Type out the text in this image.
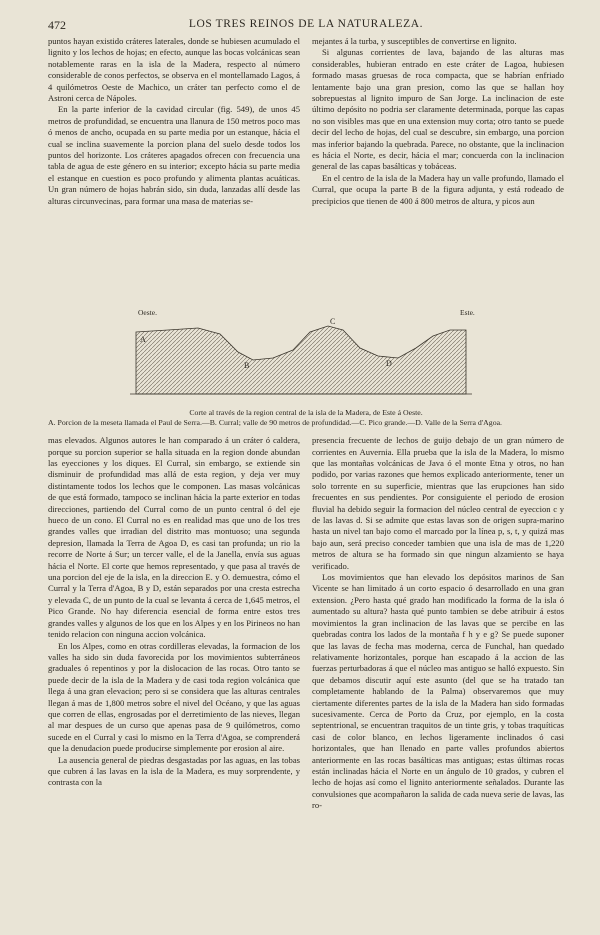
472	LOS TRES REINOS DE LA NATURALEZA.

puntos hayan existido cráteres laterales, donde se hubiesen acumulado el lignito y los lechos de hojas; en efecto, aunque las bocas volcánicas sean notablemente raras en la isla de la Madera, respecto al número considerable de conos perfectos, se observa en el montellamado Lagos, á 4 quilómetros Oeste de Machico, un cráter tan perfecto como el de Astroni cerca de Nápoles.

En la parte inferior de la cavidad circular (fig. 549), de unos 45 metros de profundidad, se encuentra una llanura de 150 metros poco mas ó menos de ancho, ocupada en su parte media por un estanque, hácia el cual se inclina suavemente la porcion plana del suelo desde todos los puntos del horizonte. Los cráteres apagados ofrecen con frecuencia una tabla de agua de este género en su interior; excepto hácia su parte media el estanque en cuestion es poco profundo y alimenta plantas acuáticas. Un gran número de hojas habrán sido, sin duda, lanzadas allí desde las alturas circunvecinas, para formar una masa de materias se-

mejantes á la turba, y susceptibles de convertirse en lignito.

Si algunas corrientes de lava, bajando de las alturas mas considerables, hubieran entrado en este cráter de Lagoa, hubiesen formado masas gruesas de roca compacta, que se habrían enfriado lentamente bajo una gran presion, como las que se hallan hoy sobrepuestas al lignito impuro de San Jorge. La inclinacion de este último depósito no podria ser claramente determinada, porque las capas no son visibles mas que en una extension muy corta; otro tanto se puede decir del lecho de hojas, del cual se descubre, sin embargo, una porcion mas inferior bajando la quebrada. Parece, no obstante, que la inclinacion es hácia el Norte, es decir, hácia el mar; concuerda con la inclinacion general de las capas basálticas y tobáceas.

En el centro de la isla de la Madera hay un valle profundo, llamado el Curral, que ocupa la parte B de la figura adjunta, y está rodeado de precipicios que tienen de 400 á 800 metros de altura, y picos aun

A
B
C
D
Oeste.	Este.
Corte al través de la region central de la isla de la Madera, de Este á Oeste.
A. Porcion de la meseta llamada el Paul de Serra.—B. Curral; valle de 90 metros de profundidad.—C. Pico grande.—D. Valle de la Serra d'Agoa.

mas elevados. Algunos autores le han comparado á un cráter ó caldera, porque su porcion superior se halla situada en la region donde abundan las eyecciones y los diques. El Curral, sin embargo, se extiende sin disminuir de profundidad mas allá de esta region, y deja ver muy distintamente todos los lechos que le componen. Las masas volcánicas de que está formado, tampoco se inclinan hácia la parte exterior en todas direcciones, partiendo del Curral como de un punto central ó del eje hueco de un cono. El Curral no es en realidad mas que uno de los tres grandes valles que irradian del distrito mas montuoso; una segunda depresion, llamada la Terra de Agoa D, es casi tan profunda; un rio la recorre de Norte á Sur; un tercer valle, el de la Janella, envía sus aguas hácia el Norte. El corte que hemos representado, y que pasa al través de una porcion del eje de la isla, en la direccion E. y O. demuestra, cómo el Curral y la Terra d'Agoa, B y D, están separados por una cresta estrecha y elevada C, de un punto de la cual se levanta á cerca de 1,645 metros, el Pico Grande. No hay diferencia esencial de forma entre estos tres grandes valles y algunos de los que en los Alpes y en los Pirineos no han tenido relacion con ninguna accion volcánica.

En los Alpes, como en otras cordilleras elevadas, la formacion de los valles ha sido sin duda favorecida por los movimientos subterráneos graduales ó repentinos y por la dislocacion de las rocas. Otro tanto se puede decir de la isla de la Madera y de casi toda region volcánica que llega á una gran elevacion; pero si se considera que las alturas centrales llegan á mas de 1,800 metros sobre el nivel del Océano, y que las aguas que corren de ellas, engrosadas por el derretimiento de las nieves, llegan al mar despues de un curso que apenas pasa de 9 quilómetros, como sucede en el Curral y casi lo mismo en la Terra d'Agoa, se comprenderá que la denudacion puede producirse simplemente por erosion al aire.

La ausencia general de piedras desgastadas por las aguas, en las tobas que cubren á las lavas en la isla de la Madera, es muy sorprendente, y contrasta con la

presencia frecuente de lechos de guijo debajo de un gran número de corrientes en Auvernia. Ella prueba que la isla de la Madera, lo mismo que las montañas volcánicas de Java ó el monte Etna y otros, no han podido, por varias razones que hemos explicado anteriormente, tener un solo torrente en su superficie, mientras que las erupciones han sido frecuentes en sus pendientes. Por consiguiente el periodo de erosion fluvial ha debido seguir la formacion del núcleo central de eyeccion c y de las lavas d. Si se admite que estas lavas son de origen supra-marino hasta un nivel tan bajo como el marcado por la línea p, s, t, y quizá mas bajo aun, será preciso conceder tambien que una isla de mas de 1,220 metros de altura se ha formado sin que ningun alzamiento se haya verificado.

Los movimientos que han elevado los depósitos marinos de San Vicente se han limitado á un corto espacio ó desarrollado en una gran extension. ¿Pero hasta qué grado han modificado la forma de la isla ó aumentado su altura? hasta qué punto tambien se debe atribuir á estos movimientos la gran inclinacion de las lavas que se percibe en las quebradas contra los lados de la montaña f h y e g? Se puede suponer que las lavas de fecha mas moderna, cerca de Funchal, han quedado relativamente horizontales, porque han escapado á la accion de las fuerzas perturbadoras á que el núcleo mas antiguo se halló expuesto. Sin que debamos discutir aquí este asunto (del que se ha tratado tan completamente hablando de la Palma) observaremos que muy ciertamente diferentes partes de la isla de la Madera han sido formadas sucesivamente. Cerca de Porto da Cruz, por ejemplo, en la costa septentrional, se encuentran traquitos de un tinte gris, y tobas traquíticas casi de color blanco, en lechos ligeramente inclinados ó casi horizontales, que han llenado en parte valles profundos abiertos anteriormente en las rocas basálticas mas antiguas; estas últimas rocas están inclinadas hácia el Norte en un ángulo de 10 grados, y cubren el lecho de hojas así como el lignito anteriormente señalados. Durante las convulsiones que acompañaron la salida de cada nueva serie de lavas, las ro-
